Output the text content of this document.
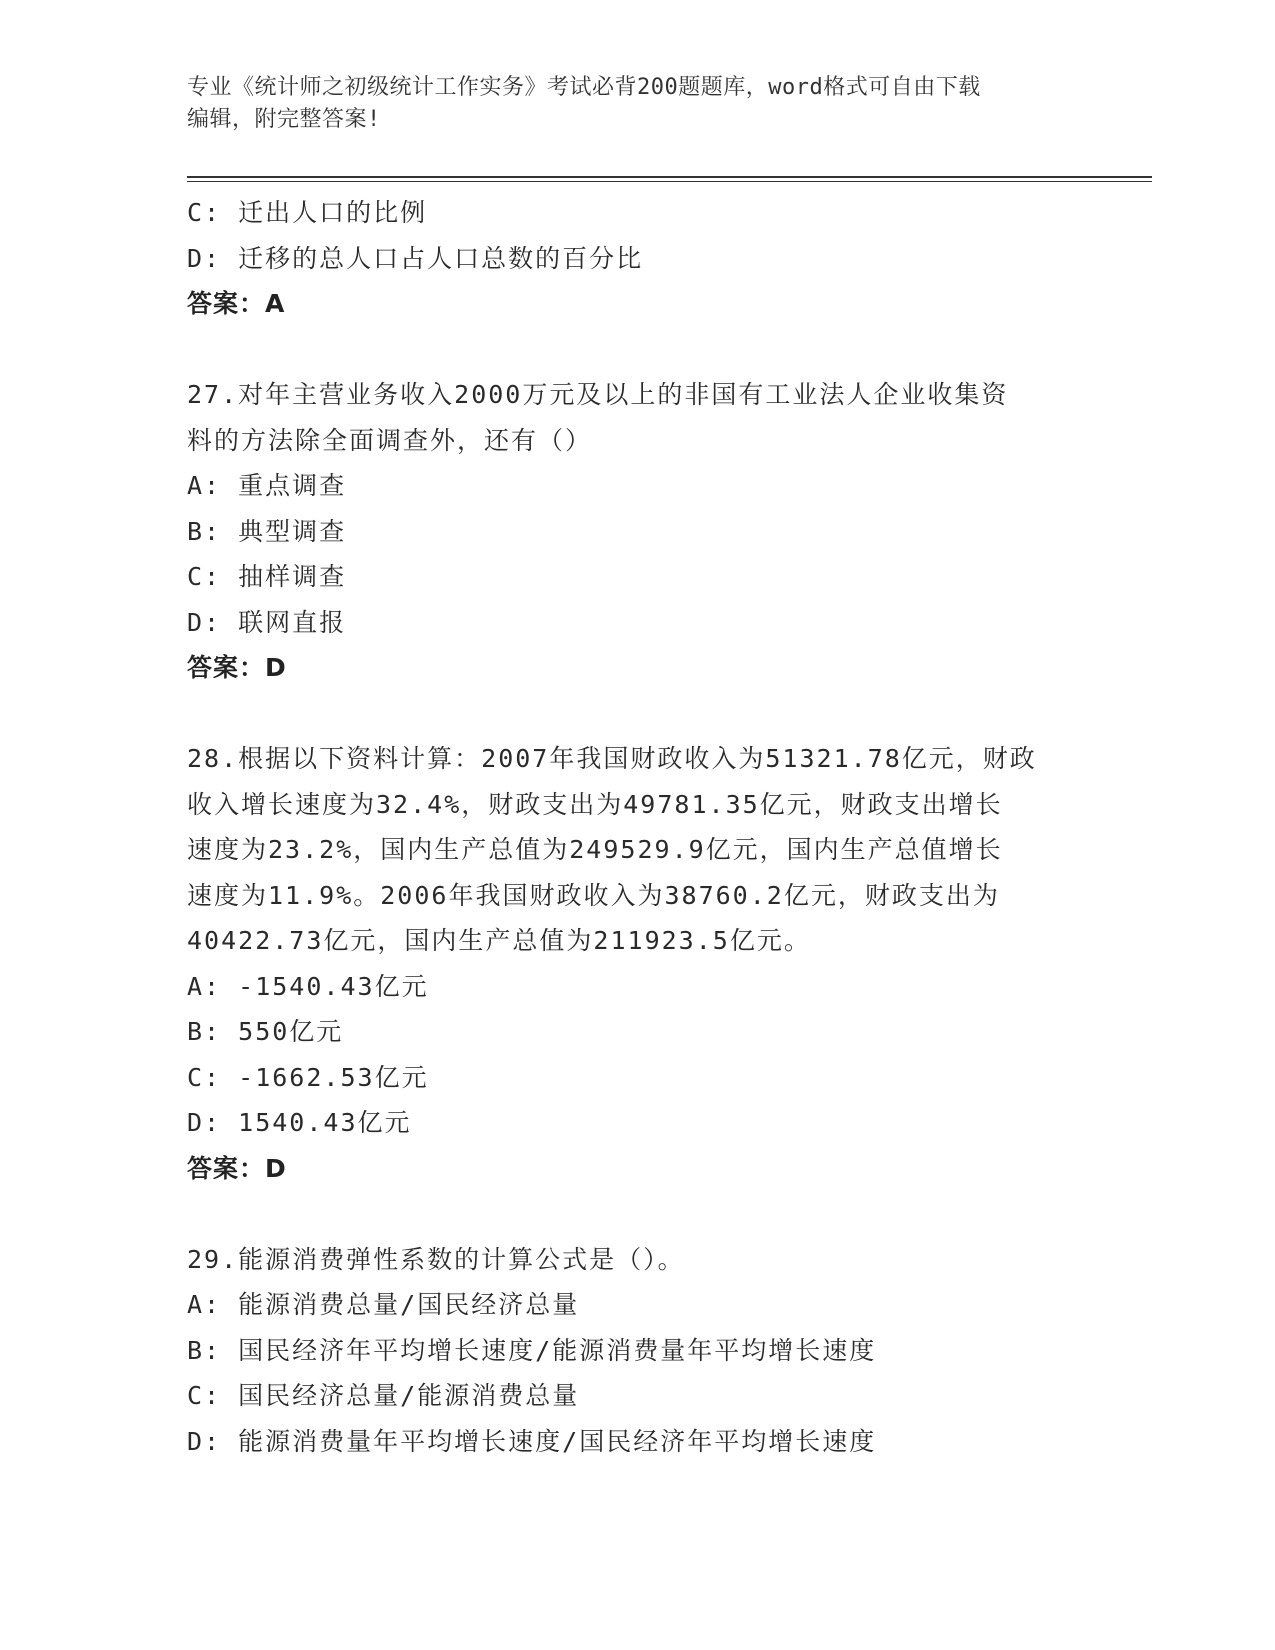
专业《统计师之初级统计工作实务》考试必背200题题库，word格式可自由下载
编辑，附完整答案!
C: 迁出人口的比例
D: 迁移的总人口占人口总数的百分比
答案：A
27.对年主营业务收入2000万元及以上的非国有工业法人企业收集资
料的方法除全面调查外，还有（）
A: 重点调查
B: 典型调查
C: 抽样调查
D: 联网直报
答案：D
28.根据以下资料计算：2007年我国财政收入为51321.78亿元，财政
收入增长速度为32.4%，财政支出为49781.35亿元，财政支出增长
速度为23.2%，国内生产总值为249529.9亿元，国内生产总值增长
速度为11.9%。2006年我国财政收入为38760.2亿元，财政支出为
40422.73亿元，国内生产总值为211923.5亿元。
A: -1540.43亿元
B: 550亿元
C: -1662.53亿元
D: 1540.43亿元
答案：D
29.能源消费弹性系数的计算公式是（）。
A: 能源消费总量/国民经济总量
B: 国民经济年平均增长速度/能源消费量年平均增长速度
C: 国民经济总量/能源消费总量
D: 能源消费量年平均增长速度/国民经济年平均增长速度
